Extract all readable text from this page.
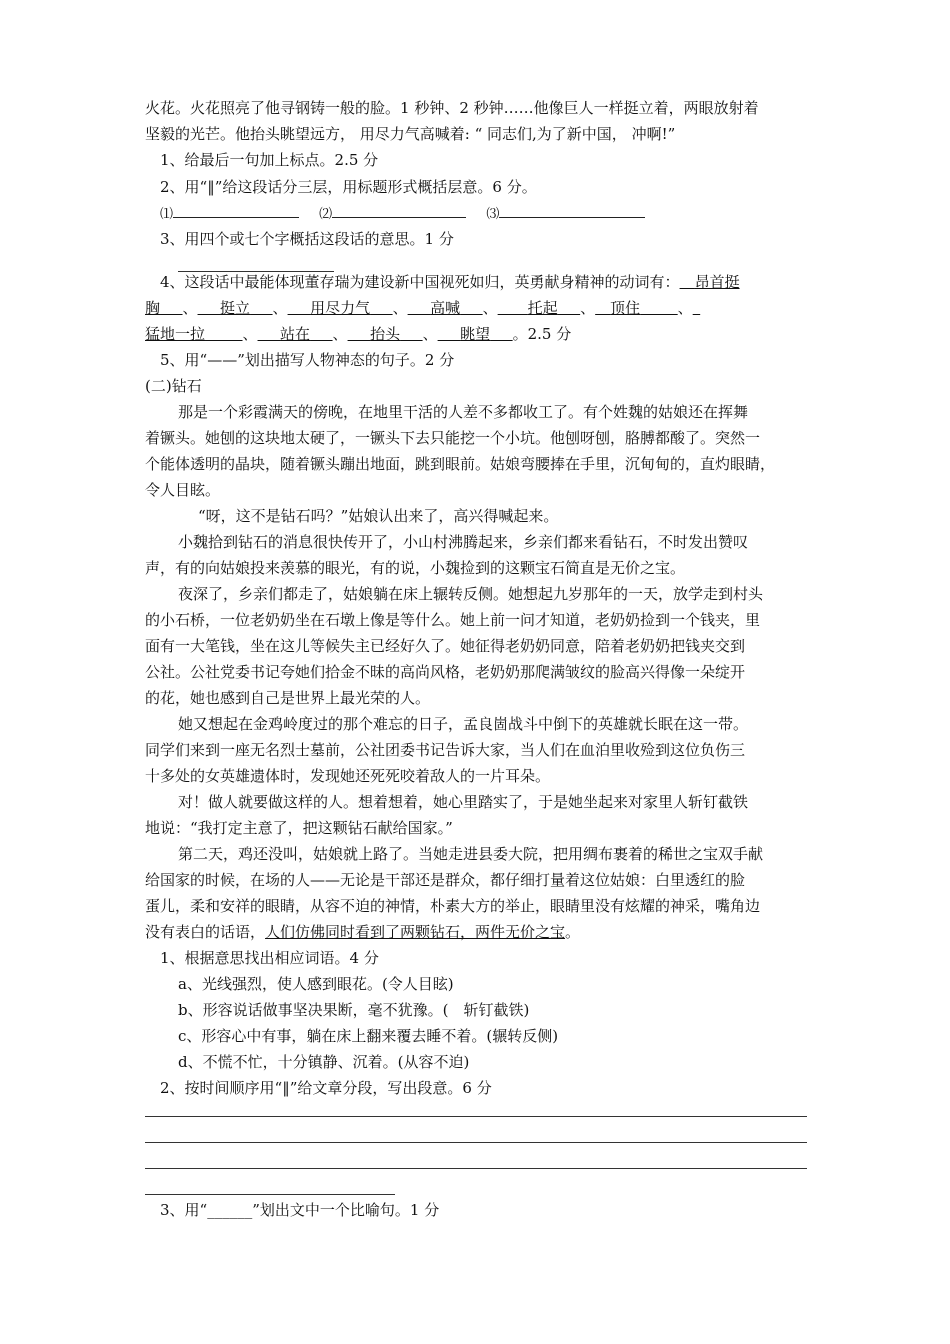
火花。火花照亮了他寻钢铸一般的脸。1 秒钟、2 秒钟……他像巨人一样挺立着，两眼放射着
坚毅的光芒。他抬头眺望远方， 用尽力气高喊着: “ 同志们,为了新中国， 冲啊!”
1、给最后一句加上标点。2.5 分
2、用“‖”给这段话分三层，用标题形式概括层意。6 分。
⑴	⑵	⑶
3、用四个或七个字概括这段话的意思。1 分
4、这段话中最能体现董存瑞为建设新中国视死如归，英勇献身精神的动词有：  昂首挺
胸   、   挺立   、   用尽力气   、   高喊   、   托起   、  顶住   	、 
猛地一拉   	、   站在   、   抬头   、   眺望   。2.5 分
5、用“——”划出描写人物神态的句子。2 分
(二)钻石
那是一个彩霞满天的傍晚，在地里干活的人差不多都收工了。有个姓魏的姑娘还在挥舞
着镢头。她刨的这块地太硬了，一镢头下去只能挖一个小坑。他刨呀刨，胳膊都酸了。突然一
个能体透明的晶块，随着镢头蹦出地面，跳到眼前。姑娘弯腰捧在手里，沉甸甸的，直灼眼睛，
令人目眩。
“呀，这不是钻石吗？”姑娘认出来了，高兴得喊起来。
小魏拾到钻石的消息很快传开了，小山村沸腾起来，乡亲们都来看钻石，不时发出赞叹
声，有的向姑娘投来羡慕的眼光，有的说，小魏捡到的这颗宝石简直是无价之宝。
夜深了，乡亲们都走了，姑娘躺在床上辗转反侧。她想起九岁那年的一天，放学走到村头
的小石桥，一位老奶奶坐在石墩上像是等什么。她上前一问才知道，老奶奶捡到一个钱夹，里
面有一大笔钱，坐在这儿等候失主已经好久了。她征得老奶奶同意，陪着老奶奶把钱夹交到
公社。公社党委书记夸她们拾金不昧的高尚风格，老奶奶那爬满皱纹的脸高兴得像一朵绽开
的花，她也感到自己是世界上最光荣的人。
她又想起在金鸡岭度过的那个难忘的日子，孟良崮战斗中倒下的英雄就长眠在这一带。
同学们来到一座无名烈士墓前，公社团委书记告诉大家，当人们在血泊里收殓到这位负伤三
十多处的女英雄遗体时，发现她还死死咬着敌人的一片耳朵。
对！做人就要做这样的人。想着想着，她心里踏实了，于是她坐起来对家里人斩钉截铁
地说：“我打定主意了，把这颗钻石献给国家。”
第二天，鸡还没叫，姑娘就上路了。当她走进县委大院，把用绸布裹着的稀世之宝双手献
给国家的时候，在场的人——无论是干部还是群众，都仔细打量着这位姑娘：白里透红的脸
蛋儿，柔和安祥的眼睛，从容不迫的神情，朴素大方的举止，眼睛里没有炫耀的神采，嘴角边
没有表白的话语，人们仿佛同时看到了两颗钻石，两件无价之宝。
1、根据意思找出相应词语。4 分
a、光线强烈，使人感到眼花。(令人目眩)
b、形容说话做事坚决果断，毫不犹豫。(　斩钉截铁)
c、形容心中有事，躺在床上翻来覆去睡不着。(辗转反侧)
d、不慌不忙，十分镇静、沉着。(从容不迫)
2、按时间顺序用“‖”给文章分段，写出段意。6 分
3、用“______”划出文中一个比喻句。1 分
